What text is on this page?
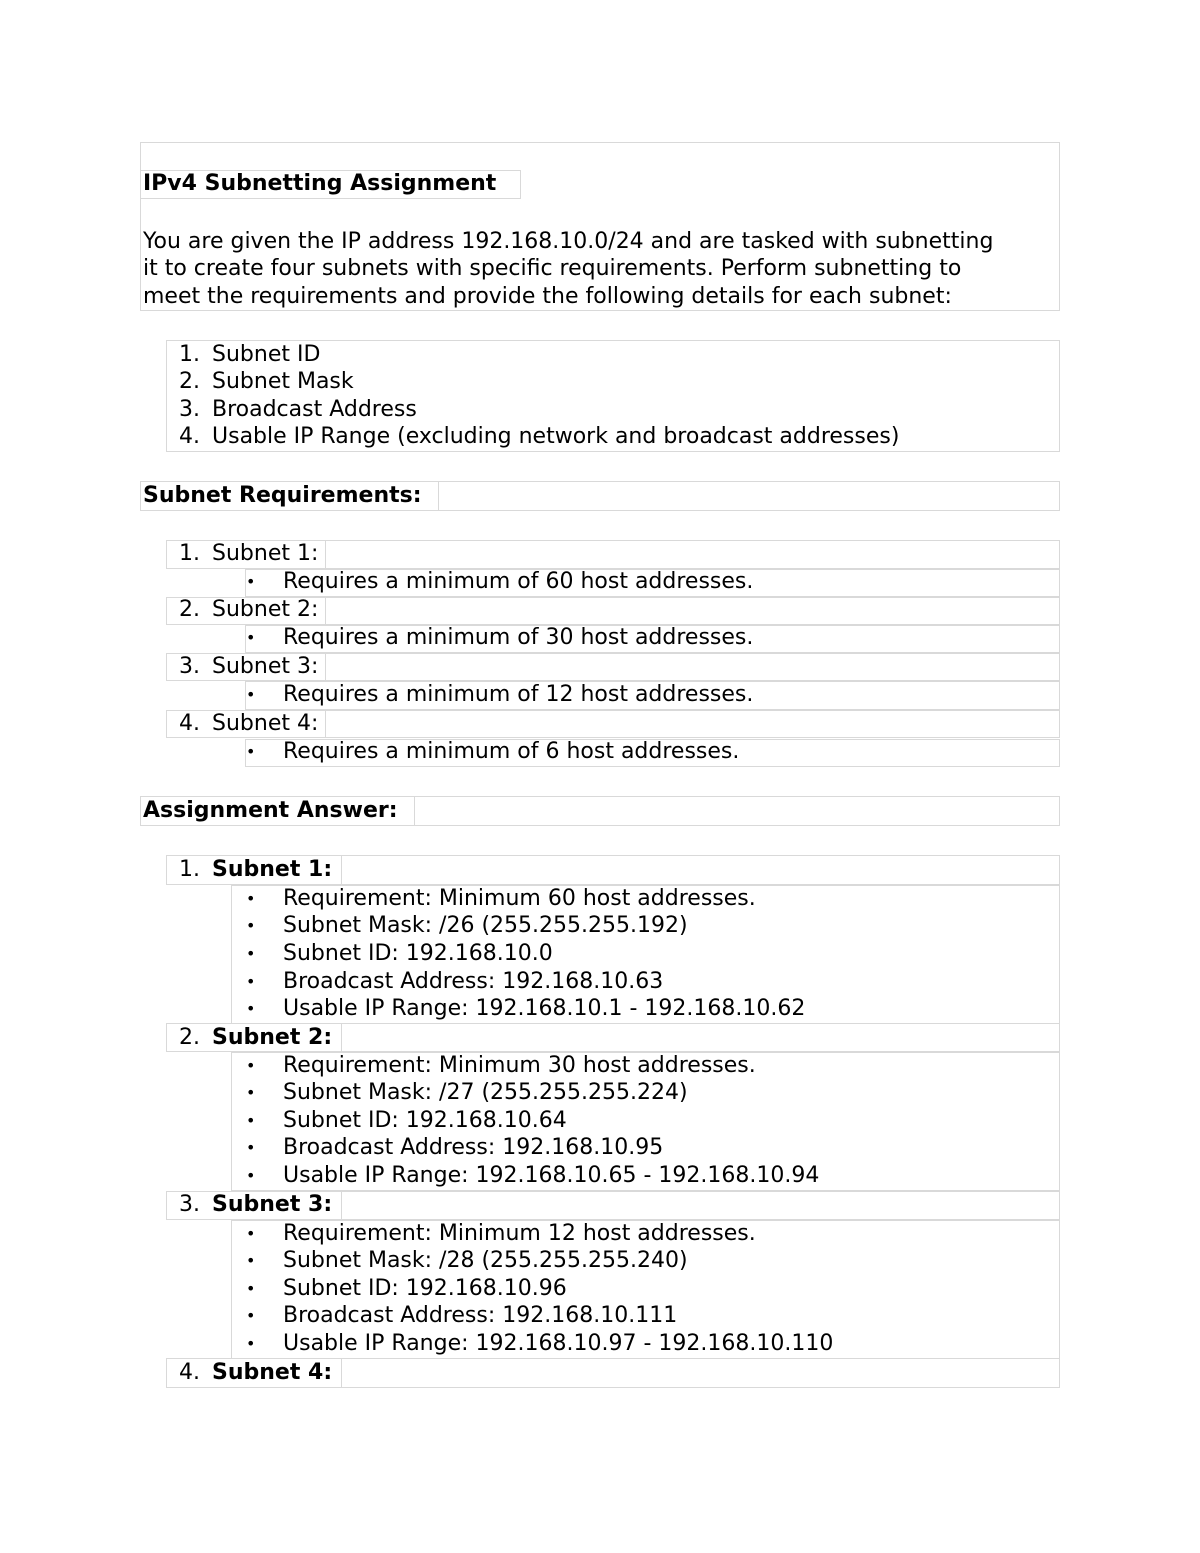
IPv4 Subnetting Assignment
You are given the IP address 192.168.10.0/24 and are tasked with subnetting
it to create four subnets with specific requirements. Perform subnetting to
meet the requirements and provide the following details for each subnet:
1. Subnet ID
2. Subnet Mask
3. Broadcast Address
4. Usable IP Range (excluding network and broadcast addresses)
Subnet Requirements:
1. Subnet 1:
• Requires a minimum of 60 host addresses.
2. Subnet 2:
• Requires a minimum of 30 host addresses.
3. Subnet 3:
• Requires a minimum of 12 host addresses.
4. Subnet 4:
• Requires a minimum of 6 host addresses.
Assignment Answer:
1. Subnet 1:
• Requirement: Minimum 60 host addresses.
• Subnet Mask: /26 (255.255.255.192)
• Subnet ID: 192.168.10.0
• Broadcast Address: 192.168.10.63
• Usable IP Range: 192.168.10.1 - 192.168.10.62
2. Subnet 2:
• Requirement: Minimum 30 host addresses.
• Subnet Mask: /27 (255.255.255.224)
• Subnet ID: 192.168.10.64
• Broadcast Address: 192.168.10.95
• Usable IP Range: 192.168.10.65 - 192.168.10.94
3. Subnet 3:
• Requirement: Minimum 12 host addresses.
• Subnet Mask: /28 (255.255.255.240)
• Subnet ID: 192.168.10.96
• Broadcast Address: 192.168.10.111
• Usable IP Range: 192.168.10.97 - 192.168.10.110
4. Subnet 4:
